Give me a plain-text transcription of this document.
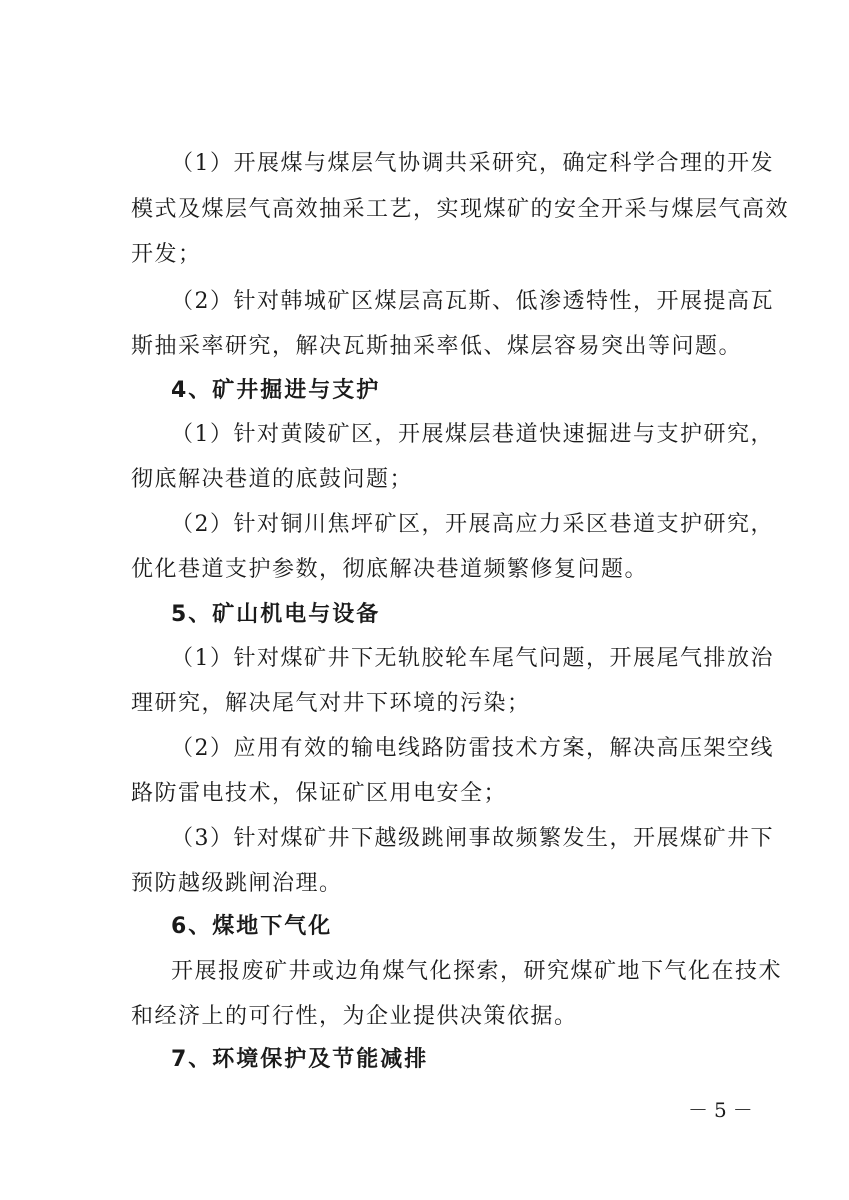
（1）开展煤与煤层气协调共采研究，确定科学合理的开发
模式及煤层气高效抽采工艺，实现煤矿的安全开采与煤层气高效
开发；
（2）针对韩城矿区煤层高瓦斯、低渗透特性，开展提高瓦
斯抽采率研究，解决瓦斯抽采率低、煤层容易突出等问题。
4、矿井掘进与支护
（1）针对黄陵矿区，开展煤层巷道快速掘进与支护研究，
彻底解决巷道的底鼓问题；
（2）针对铜川焦坪矿区，开展高应力采区巷道支护研究，
优化巷道支护参数，彻底解决巷道频繁修复问题。
5、矿山机电与设备
（1）针对煤矿井下无轨胶轮车尾气问题，开展尾气排放治
理研究，解决尾气对井下环境的污染；
（2）应用有效的输电线路防雷技术方案，解决高压架空线
路防雷电技术，保证矿区用电安全；
（3）针对煤矿井下越级跳闸事故频繁发生，开展煤矿井下
预防越级跳闸治理。
6、煤地下气化
开展报废矿井或边角煤气化探索，研究煤矿地下气化在技术
和经济上的可行性，为企业提供决策依据。
7、环境保护及节能减排
－5－
